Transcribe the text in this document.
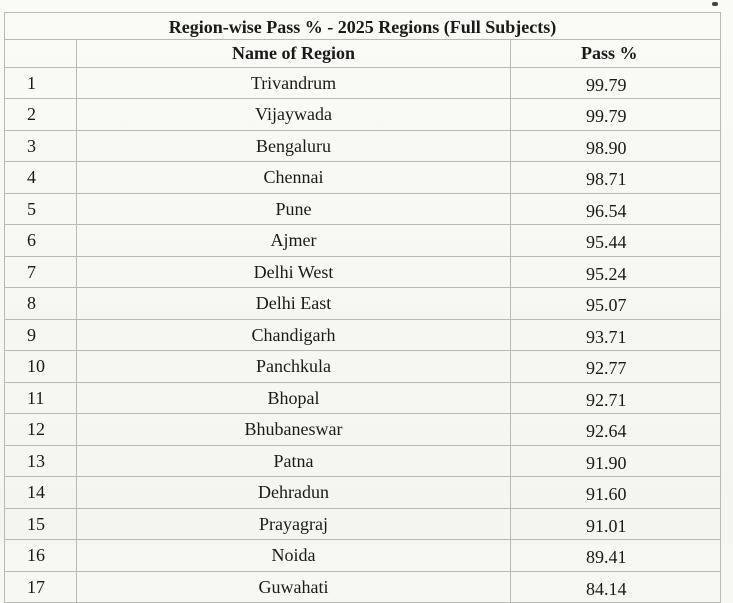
Region-wise Pass % - 2025 Regions (Full Subjects)		
	Name of Region	Pass %
1	Trivandrum	99.79
2	Vijaywada	99.79
3	Bengaluru	98.90
4	Chennai	98.71
5	Pune	96.54
6	Ajmer	95.44
7	Delhi West	95.24
8	Delhi East	95.07
9	Chandigarh	93.71
10	Panchkula	92.77
11	Bhopal	92.71
12	Bhubaneswar	92.64
13	Patna	91.90
14	Dehradun	91.60
15	Prayagraj	91.01
16	Noida	89.41
17	Guwahati	84.14
